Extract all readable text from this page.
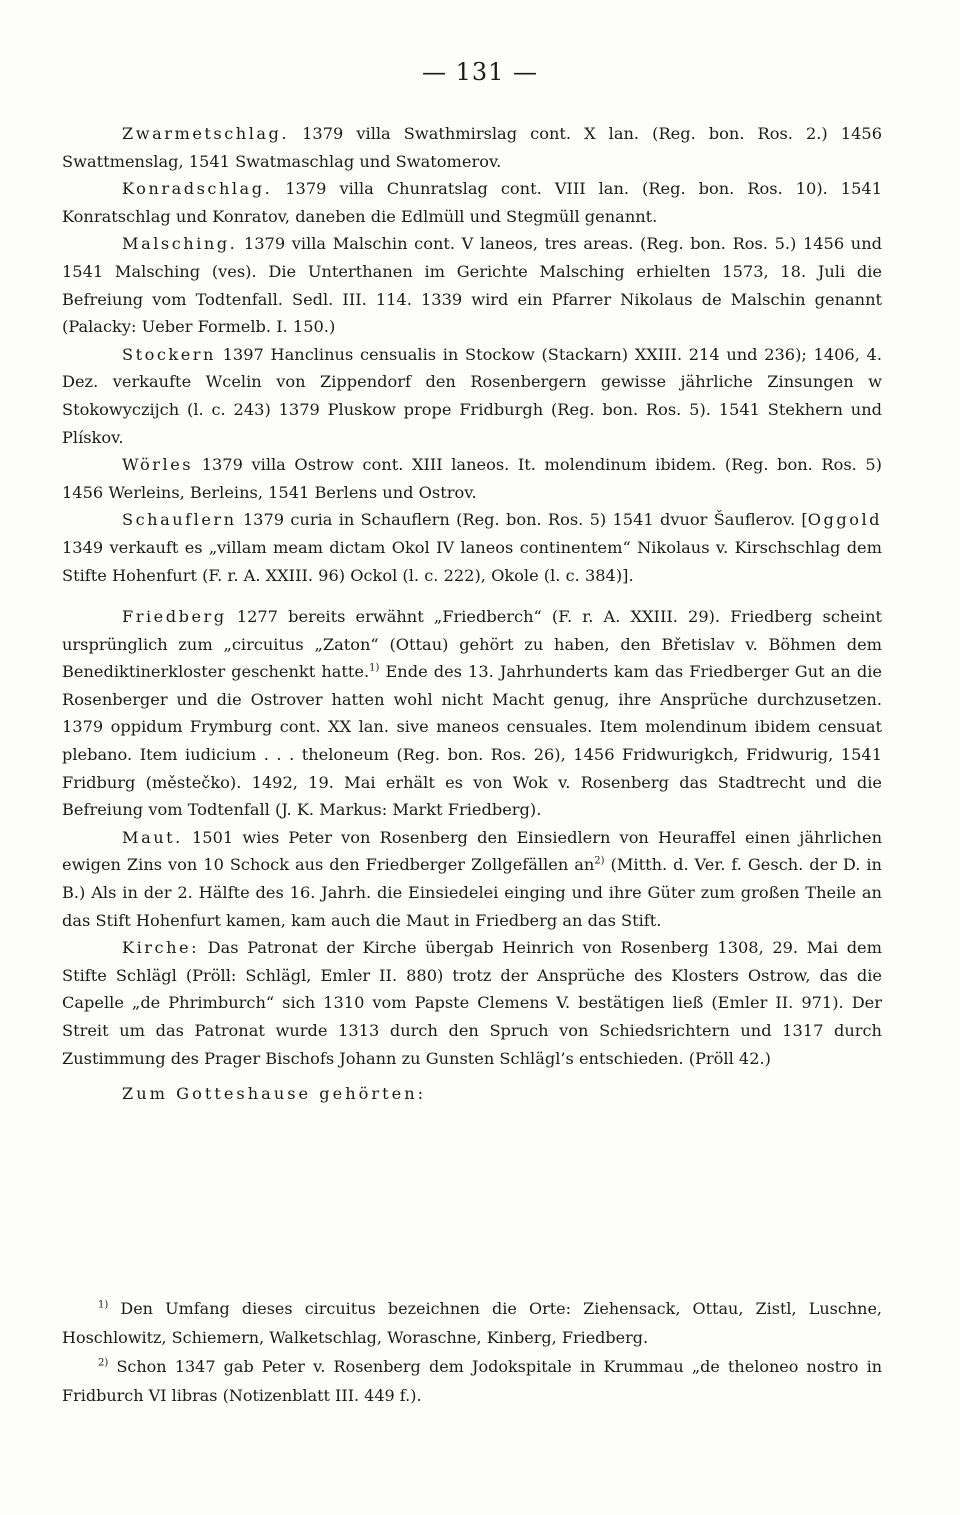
— 131 —

Zwarmetschlag. 1379 villa Swathmirslag cont. X lan. (Reg. bon. Ros. 2.) 1456 Swattmenslag, 1541 Swatmaschlag und Swatomerov.

Konradschlag. 1379 villa Chunratslag cont. VIII lan. (Reg. bon. Ros. 10). 1541 Konratschlag und Konratov, daneben die Edlmüll und Stegmüll genannt.

Malsching. 1379 villa Malschin cont. V laneos, tres areas. (Reg. bon. Ros. 5.) 1456 und 1541 Malsching (ves). Die Unterthanen im Gerichte Malsching erhielten 1573, 18. Juli die Befreiung vom Todtenfall. Sedl. III. 114. 1339 wird ein Pfarrer Nikolaus de Malschin genannt (Palacky: Ueber Formelb. I. 150.)

Stockern 1397 Hanclinus censualis in Stockow (Stackarn) XXIII. 214 und 236); 1406, 4. Dez. verkaufte Wcelin von Zippendorf den Rosenbergern gewisse jährliche Zinsungen w Stokowyczijch (l. c. 243) 1379 Pluskow prope Fridburgh (Reg. bon. Ros. 5). 1541 Stekhern und Plískov.

Wörles 1379 villa Ostrow cont. XIII laneos. It. molendinum ibidem. (Reg. bon. Ros. 5) 1456 Werleins, Berleins, 1541 Berlens und Ostrov.

Schauflern 1379 curia in Schauflern (Reg. bon. Ros. 5) 1541 dvuor Šauflerov. [Oggold 1349 verkauft es „villam meam dictam Okol IV laneos continentem“ Nikolaus v. Kirschschlag dem Stifte Hohenfurt (F. r. A. XXIII. 96) Ockol (l. c. 222), Okole (l. c. 384)].

Friedberg 1277 bereits erwähnt „Friedberch“ (F. r. A. XXIII. 29). Friedberg scheint ursprünglich zum „circuitus „Zaton“ (Ottau) gehört zu haben, den Břetislav v. Böhmen dem Benediktinerkloster geschenkt hatte.$^{1)}$ Ende des 13. Jahrhunderts kam das Friedberger Gut an die Rosenberger und die Ostrover hatten wohl nicht Macht genug, ihre Ansprüche durchzusetzen. 1379 oppidum Frymburg cont. XX lan. sive maneos censuales. Item molendinum ibidem censuat plebano. Item iudicium . . . theloneum (Reg. bon. Ros. 26), 1456 Fridwurigkch, Fridwurig, 1541 Fridburg (městečko). 1492, 19. Mai erhält es von Wok v. Rosenberg das Stadtrecht und die Befreiung vom Todtenfall (J. K. Markus: Markt Friedberg).

Maut. 1501 wies Peter von Rosenberg den Einsiedlern von Heuraffel einen jährlichen ewigen Zins von 10 Schock aus den Friedberger Zollgefällen $an^{2)}$ (Mitth. d. Ver. f. Gesch. der D. in B.) Als in der 2. Hälfte des 16. Jahrh. die Einsiedelei einging und ihre Güter zum großen Theile an das Stift Hohenfurt kamen, kam auch die Maut in Friedberg an das Stift.

Kirche: Das Patronat der Kirche übergab Heinrich von Rosenberg 1308, 29. Mai dem Stifte Schlägl (Pröll: Schlägl, Emler II. 880) trotz der Ansprüche des Klosters Ostrow, das die Capelle „de Phrimburch“ sich 1310 vom Papste Clemens V. bestätigen ließ (Emler II. 971). Der Streit um das Patronat wurde 1313 durch den Spruch von Schiedsrichtern und 1317 durch Zustimmung des Prager Bischofs Johann zu Gunsten Schlägl’s entschieden. (Pröll 42.)

Zum Gotteshause gehörten:

$^{1)}$ Den Umfang dieses circuitus bezeichnen die Orte: Ziehensack, Ottau, Zistl, Luschne, Hoschlowitz, Schiemern, Walketschlag, Woraschne, Kinberg, Friedberg.

$^{2)}$ Schon 1347 gab Peter v. Rosenberg dem Jodokspitale in Krummau „de theloneo nostro in Fridburch VI libras (Notizenblatt III. 449 f.).
